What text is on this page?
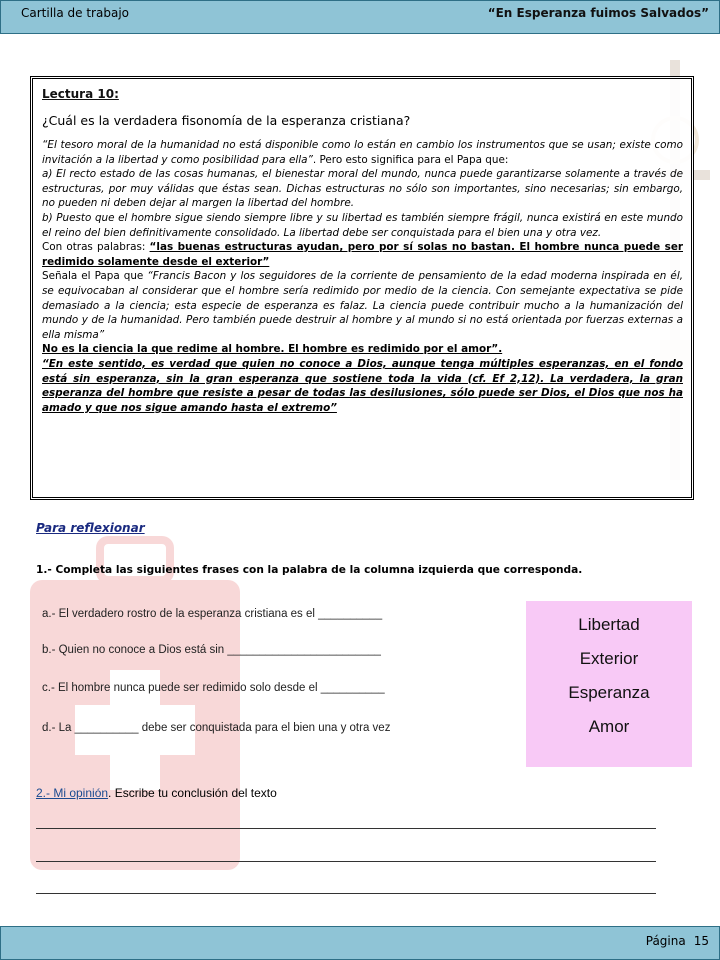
Cartilla de trabajo	“En Esperanza fuimos Salvados”
Lectura 10:
¿Cuál es la verdadera fisonomía de la esperanza cristiana?

“El tesoro moral de la humanidad no está disponible como lo están en cambio los instrumentos que se usan; existe como invitación a la libertad y como posibilidad para ella”. Pero esto significa para el Papa que:

a) El recto estado de las cosas humanas, el bienestar moral del mundo, nunca puede garantizarse solamente a través de estructuras, por muy válidas que éstas sean. Dichas estructuras no sólo son importantes, sino necesarias; sin embargo, no pueden ni deben dejar al margen la libertad del hombre.

b) Puesto que el hombre sigue siendo siempre libre y su libertad es también siempre frágil, nunca existirá en este mundo el reino del bien definitivamente consolidado. La libertad debe ser conquistada para el bien una y otra vez.

Con otras palabras: “las buenas estructuras ayudan, pero por sí solas no bastan. El hombre nunca puede ser redimido solamente desde el exterior”

Señala el Papa que “Francis Bacon y los seguidores de la corriente de pensamiento de la edad moderna inspirada en él, se equivocaban al considerar que el hombre sería redimido por medio de la ciencia. Con semejante expectativa se pide demasiado a la ciencia; esta especie de esperanza es falaz. La ciencia puede contribuir mucho a la humanización del mundo y de la humanidad. Pero también puede destruir al hombre y al mundo si no está orientada por fuerzas externas a ella misma”

No es la ciencia la que redime al hombre. El hombre es redimido por el amor”.

“En este sentido, es verdad que quien no conoce a Dios, aunque tenga múltiples esperanzas, en el fondo está sin esperanza, sin la gran esperanza que sostiene toda la vida (cf. Ef 2,12). La verdadera, la gran esperanza del hombre que resiste a pesar de todas las desilusiones, sólo puede ser Dios, el Dios que nos ha amado y que nos sigue amando hasta el extremo”

Para reflexionar
1.- Completa las siguientes frases con la palabra de la columna izquierda que corresponda.
a.- El verdadero rostro de la esperanza cristiana es el __________
b.- Quien no conoce a Dios está sin ________________________
c.- El hombre nunca puede ser redimido solo desde el __________
d.- La __________ debe ser conquistada para el bien una y otra vez
Libertad
Exterior
Esperanza
Amor
2.- Mi opinión. Escribe tu conclusión del texto
Página 15
